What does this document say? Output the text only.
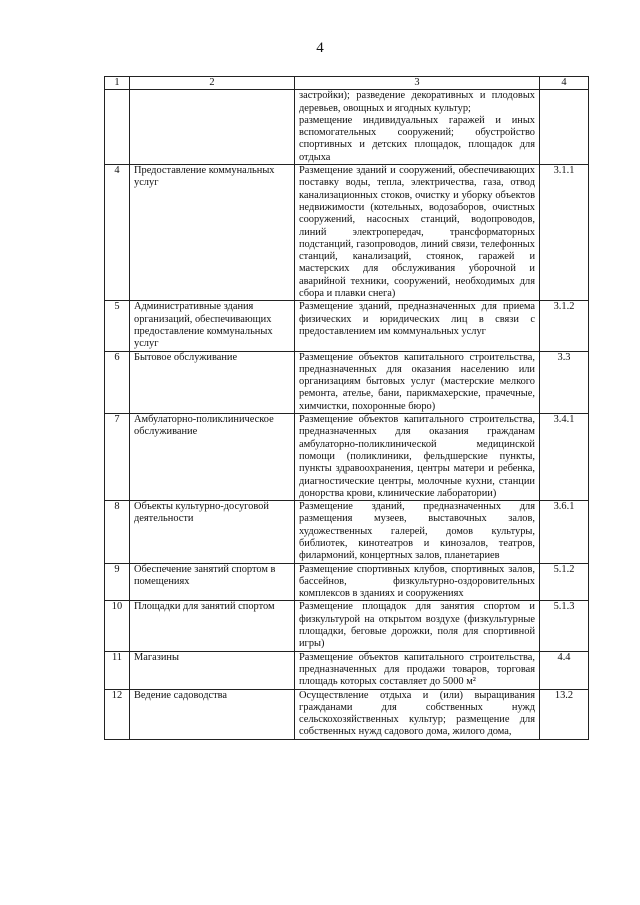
4
1	2	3	4

		застройки); разведение декоративных и плодовых деревьев, овощных и ягодных культур;
размещение индивидуальных гаражей и иных вспомогательных сооружений; обустройство спортивных и детских площадок, площадок для отдыха	

4	Предоставление коммунальных услуг	Размещение зданий и сооружений, обеспечивающих поставку воды, тепла, электричества, газа, отвод канализационных стоков, очистку и уборку объектов недвижимости (котельных, водозаборов, очистных сооружений, насосных станций, водопроводов, линий электропередач, трансформаторных подстанций, газопроводов, линий связи, телефонных станций, канализаций, стоянок, гаражей и мастерских для обслуживания уборочной и аварийной техники, сооружений, необходимых для сбора и плавки снега)	3.1.1
5	Административные здания организаций, обеспечивающих предоставление коммунальных услуг	Размещение зданий, предназначенных для приема физических и юридических лиц в связи с предоставлением им коммунальных услуг	3.1.2
6	Бытовое обслуживание	Размещение объектов капитального строительства, предназначенных для оказания населению или организациям бытовых услуг (мастерские мелкого ремонта, ателье, бани, парикмахерские, прачечные, химчистки, похоронные бюро)	3.3
7	Амбулаторно-поликлиническое обслуживание	Размещение объектов капитального строительства, предназначенных для оказания гражданам амбулаторно-поликлинической медицинской помощи (поликлиники, фельдшерские пункты, пункты здравоохранения, центры матери и ребенка, диагностические центры, молочные кухни, станции донорства крови, клинические лаборатории)	3.4.1
8	Объекты культурно-досуговой деятельности	Размещение зданий, предназначенных для размещения музеев, выставочных залов, художественных галерей, домов культуры, библиотек, кинотеатров и кинозалов, театров, филармоний, концертных залов, планетариев	3.6.1
9	Обеспечение занятий спортом в помещениях	Размещение спортивных клубов, спортивных залов, бассейнов, физкультурно-оздоровительных комплексов в зданиях и сооружениях	5.1.2
10	Площадки для занятий спортом	Размещение площадок для занятия спортом и физкультурой на открытом воздухе (физкультурные площадки, беговые дорожки, поля для спортивной игры)	5.1.3
11	Магазины	Размещение объектов капитального строительства, предназначенных для продажи товаров, торговая площадь которых составляет до 5000 м²	4.4
12	Ведение садоводства	Осуществление отдыха и (или) выращивания гражданами для собственных нужд сельскохозяйственных культур; размещение для собственных нужд садового дома, жилого дома,	13.2
